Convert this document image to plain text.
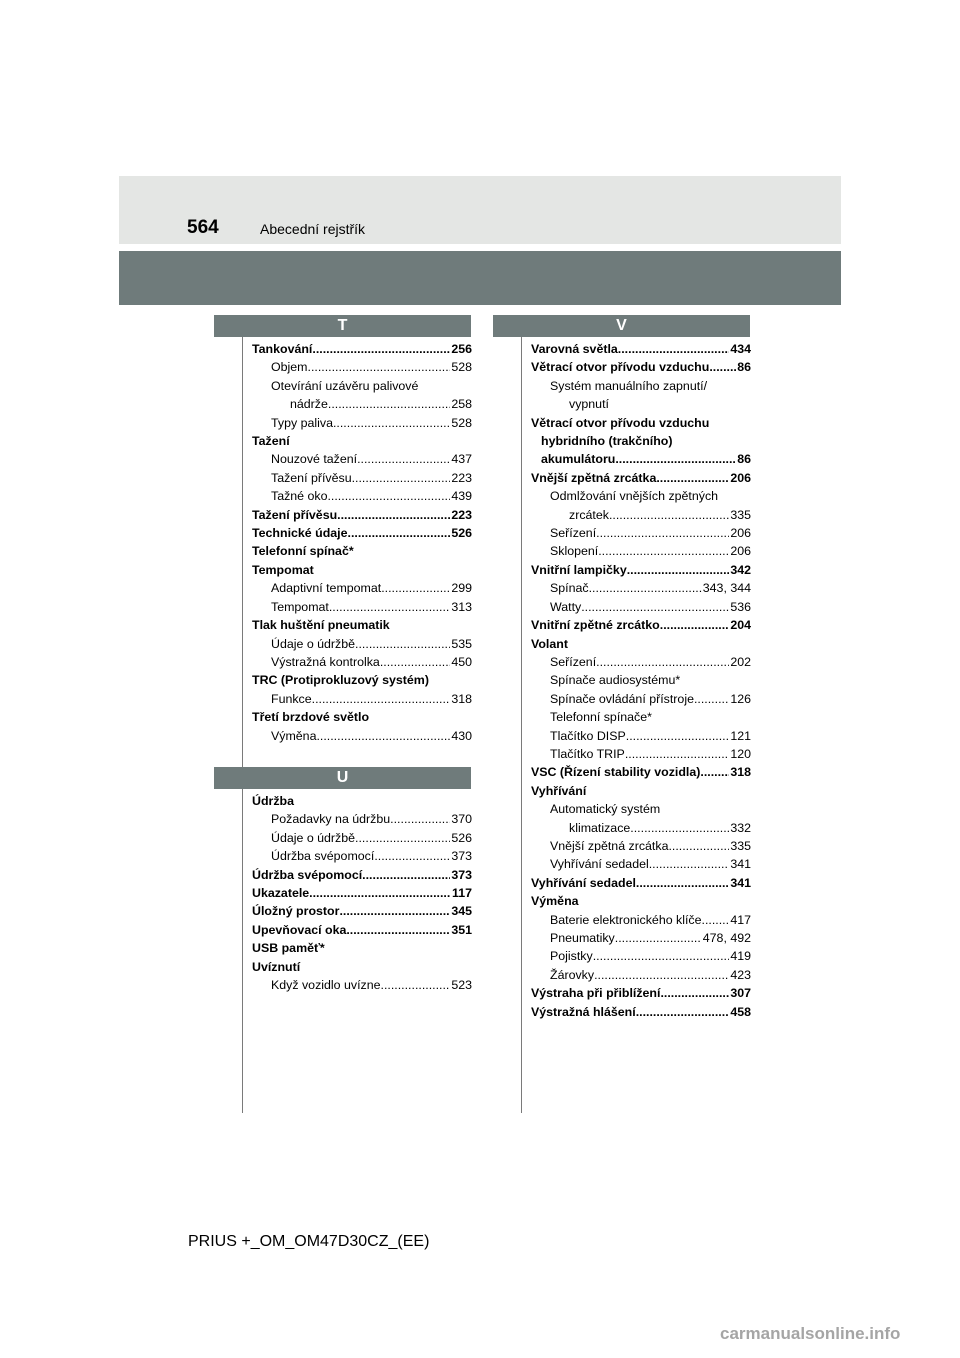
564	Abecední rejstřík
T
Tankování .....	256
Objem .....	528
Otevírání uzávěru palivové
nádrže .....	258
Typy paliva .....	528
Tažení
Nouzové tažení .....	437
Tažení přívěsu .....	223
Tažné oko .....	439
Tažení přívěsu .....	223
Technické údaje .....	526
Telefonní spínač*
Tempomat
Adaptivní tempomat .....	299
Tempomat .....	313
Tlak huštění pneumatik
Údaje o údržbě .....	535
Výstražná kontrolka .....	450
TRC (Protiprokluzový systém)
Funkce .....	318
Třetí brzdové světlo
Výměna .....	430
U
Údržba
Požadavky na údržbu .....	370
Údaje o údržbě .....	526
Údržba svépomocí .....	373
Údržba svépomocí .....	373
Ukazatele .....	117
Úložný prostor .....	345
Upevňovací oka .....	351
USB paměť*
Uvíznutí
Když vozidlo uvízne .....	523
V
Varovná světla .....	434
Větrací otvor přívodu vzduchu ..... 86
Systém manuálního zapnutí/
vypnutí
Větrací otvor přívodu vzduchu
hybridního (trakčního)
akumulátoru .....	86
Vnější zpětná zrcátka .....	206
Odmlžování vnějších zpětných
zrcátek .....	335
Seřízení .....	206
Sklopení .....	206
Vnitřní lampičky .....	342
Spínač .....	343, 344
Watty .....	536
Vnitřní zpětné zrcátko .....	204
Volant
Seřízení .....	202
Spínače audiosystému*
Spínače ovládání přístroje .....	126
Telefonní spínače*
Tlačítko DISP .....	121
Tlačítko TRIP .....	120
VSC (Řízení stability vozidla) ..... 318
Vyhřívání
Automatický systém
klimatizace .....	332
Vnější zpětná zrcátka .....	335
Vyhřívání sedadel .....	341
Vyhřívání sedadel .....	341
Výměna
Baterie elektronického klíče ..... 417
Pneumatiky .....	478, 492
Pojistky .....	419
Žárovky .....	423
Výstraha při přiblížení .....	307
Výstražná hlášení .....	458
PRIUS +_OM_OM47D30CZ_(EE)
carmanualsonline.info
